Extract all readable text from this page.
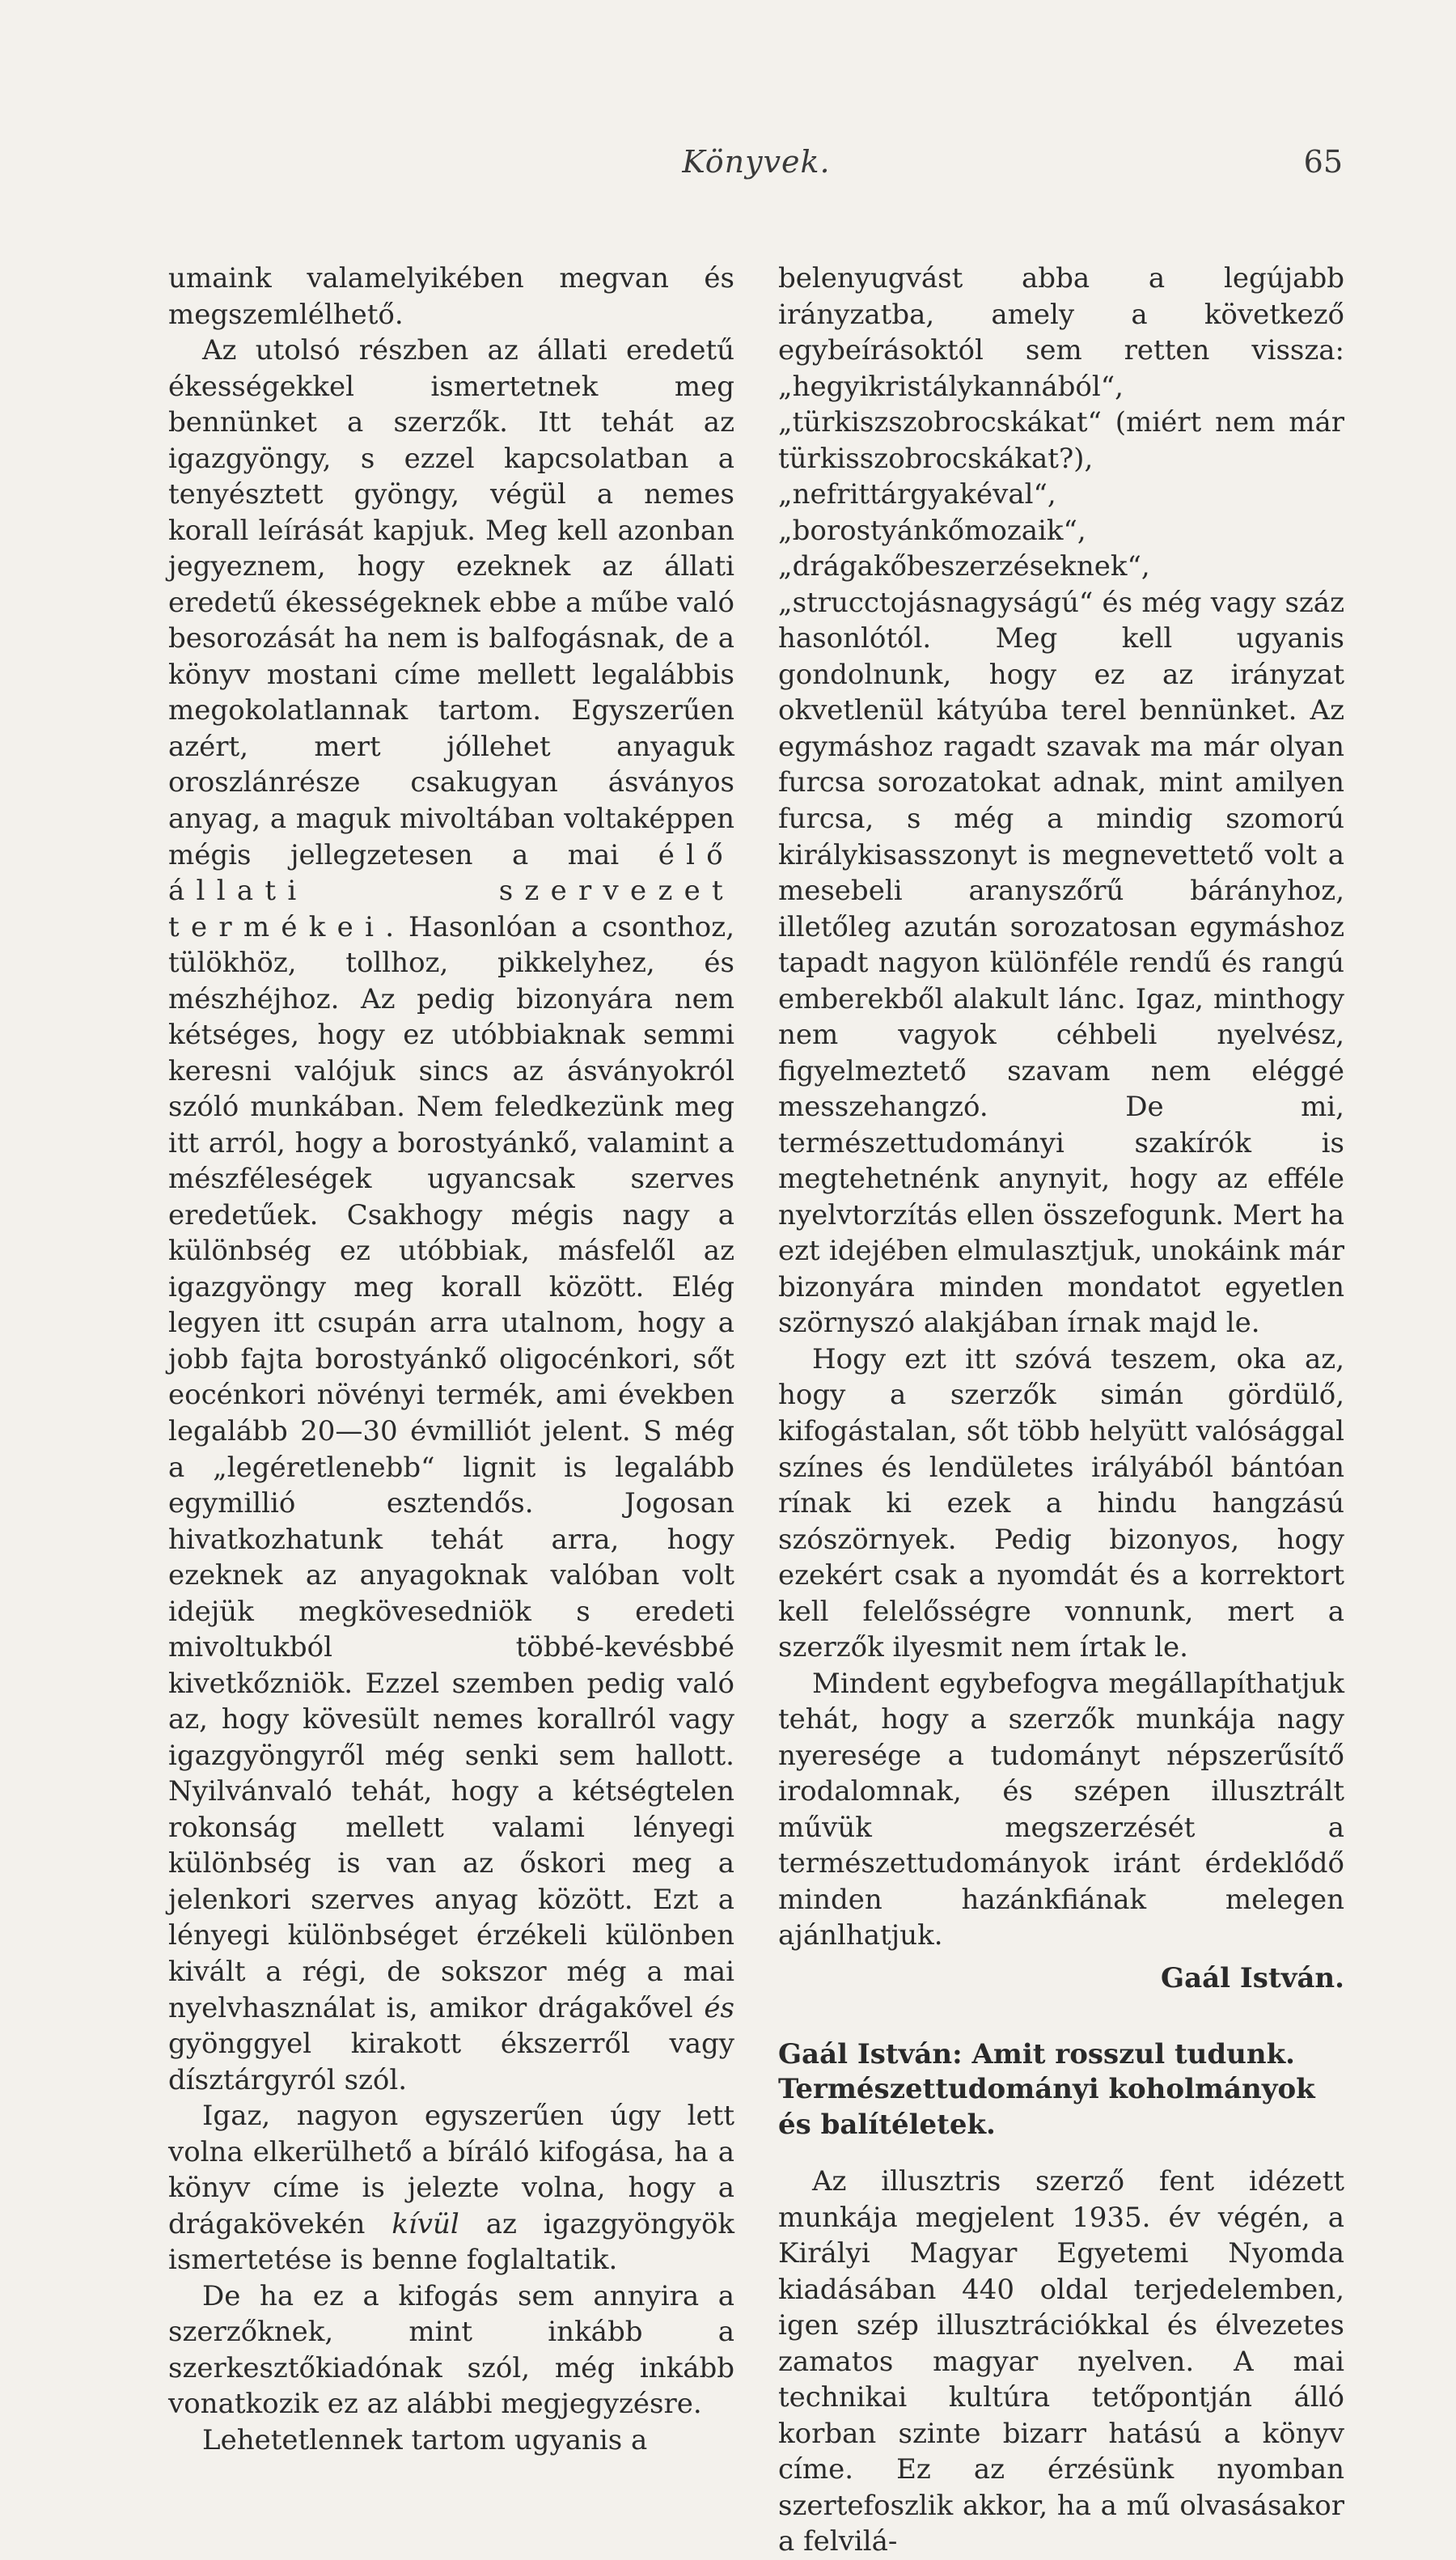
Könyvek.	65

umaink valamelyikében megvan és megszemlélhető.

Az utolsó részben az állati eredetű ékességekkel ismertetnek meg bennünket a szerzők. Itt tehát az igazgyöngy, s ezzel kapcsolatban a tenyésztett gyöngy, végül a nemes korall leírását kapjuk. Meg kell azonban jegyeznem, hogy ezeknek az állati eredetű ékességeknek ebbe a műbe való besorozását ha nem is balfogásnak, de a könyv mostani címe mellett legalábbis megokolatlannak tartom. Egyszerűen azért, mert jóllehet anyaguk oroszlánrésze csakugyan ásványos anyag, a maguk mivoltában voltaképpen mégis jellegzetesen a mai élő állati szervezet termékei. Hasonlóan a csonthoz, tülökhöz, tollhoz, pikkelyhez, és mészhéjhoz. Az pedig bizonyára nem kétséges, hogy ez utóbbiaknak semmi keresni valójuk sincs az ásványokról szóló munkában. Nem feledkezünk meg itt arról, hogy a borostyánkő, valamint a mészféleségek ugyancsak szerves eredetűek. Csakhogy mégis nagy a különbség ez utóbbiak, másfelől az igazgyöngy meg korall között. Elég legyen itt csupán arra utalnom, hogy a jobb fajta borostyánkő oligocénkori, sőt eocénkori növényi termék, ami években legalább 20—30 évmilliót jelent. S még a „legéretlenebb“ lignit is legalább egymillió esztendős. Jogosan hivatkozhatunk tehát arra, hogy ezeknek az anyagoknak valóban volt idejük megkövesedniök s eredeti mivoltukból többé-kevésbbé kivetkőzniök. Ezzel szemben pedig való az, hogy kövesült nemes korallról vagy igazgyöngyről még senki sem hallott. Nyilvánvaló tehát, hogy a kétségtelen rokonság mellett valami lényegi különbség is van az őskori meg a jelenkori szerves anyag között. Ezt a lényegi különbséget érzékeli különben kivált a régi, de sokszor még a mai nyelvhasználat is, amikor drágakővel és gyönggyel kirakott ékszerről vagy dísztárgyról szól.

Igaz, nagyon egyszerűen úgy lett volna elkerülhető a bíráló kifogása, ha a könyv címe is jelezte volna, hogy a drágakövekén kívül az igazgyöngyök ismertetése is benne foglaltatik.

De ha ez a kifogás sem annyira a szerzőknek, mint inkább a szerkesztőkiadónak szól, még inkább vonatkozik ez az alábbi megjegyzésre.

Lehetetlennek tartom ugyanis a

belenyugvást abba a legújabb irányzatba, amely a következő egybeírásoktól sem retten vissza: „hegyikristálykannából“, „türkiszszobrocskákat“ (miért nem már türkisszobrocskákat?), „nefrittárgyakéval“, „borostyánkőmozaik“, „drágakőbeszerzéseknek“, „strucctojásnagyságú“ és még vagy száz hasonlótól. Meg kell ugyanis gondolnunk, hogy ez az irányzat okvetlenül kátyúba terel bennünket. Az egymáshoz ragadt szavak ma már olyan furcsa sorozatokat adnak, mint amilyen furcsa, s még a mindig szomorú királykisasszonyt is megnevettető volt a mesebeli aranyszőrű bárányhoz, illetőleg azután sorozatosan egymáshoz tapadt nagyon különféle rendű és rangú emberekből alakult lánc. Igaz, minthogy nem vagyok céhbeli nyelvész, figyelmeztető szavam nem eléggé messzehangzó. De mi, természettudományi szakírók is megtehetnénk anynyit, hogy az efféle nyelvtorzítás ellen összefogunk. Mert ha ezt idejében elmulasztjuk, unokáink már bizonyára minden mondatot egyetlen szörnyszó alakjában írnak majd le.

Hogy ezt itt szóvá teszem, oka az, hogy a szerzők simán gördülő, kifogástalan, sőt több helyütt valósággal színes és lendületes irályából bántóan rínak ki ezek a hindu hangzású szószörnyek. Pedig bizonyos, hogy ezekért csak a nyomdát és a korrektort kell felelősségre vonnunk, mert a szerzők ilyesmit nem írtak le.

Mindent egybefogva megállapíthatjuk tehát, hogy a szerzők munkája nagy nyeresége a tudományt népszerűsítő irodalomnak, és szépen illusztrált művük megszerzését a természettudományok iránt érdeklődő minden hazánkfiának melegen ajánlhatjuk.

Gaál István.

Gaál István: Amit rosszul tudunk. Természettudományi koholmányok és balítéletek.

Az illusztris szerző fent idézett munkája megjelent 1935. év végén, a Királyi Magyar Egyetemi Nyomda kiadásában 440 oldal terjedelemben, igen szép illusztrációkkal és élvezetes zamatos magyar nyelven. A mai technikai kultúra tetőpontján álló korban szinte bizarr hatású a könyv címe. Ez az érzésünk nyomban szertefoszlik akkor, ha a mű olvasásakor a felvilá-
